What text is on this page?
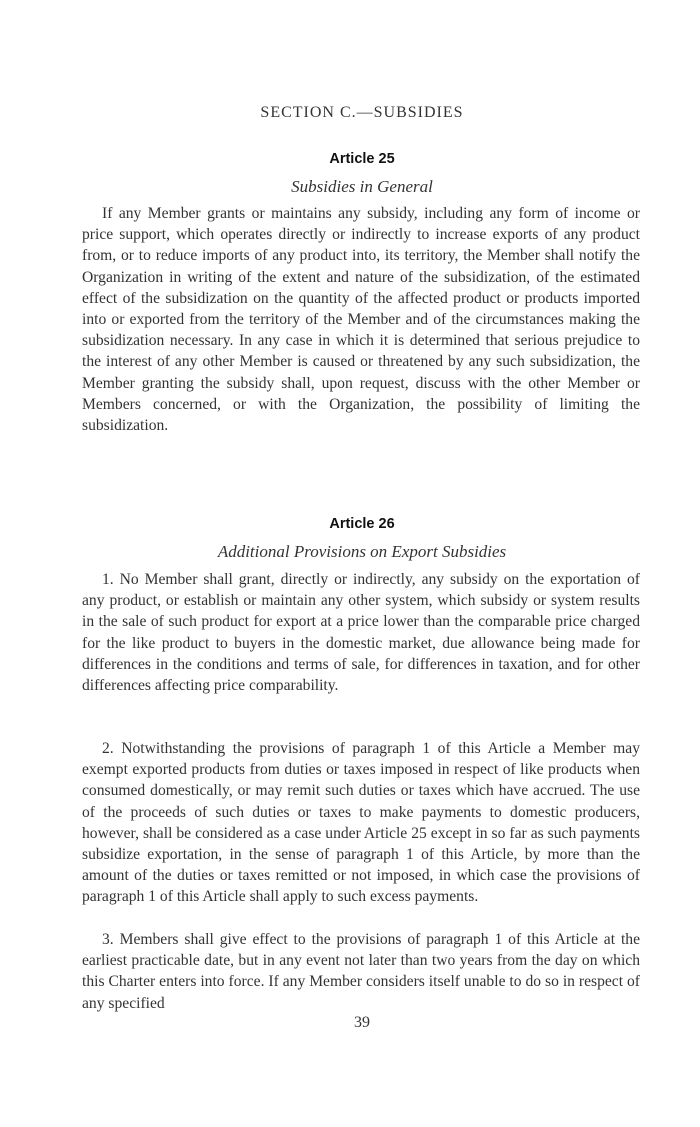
SECTION C.—SUBSIDIES
Article 25
Subsidies in General

If any Member grants or maintains any subsidy, including any form of income or price support, which operates directly or indirectly to increase exports of any product from, or to reduce imports of any product into, its territory, the Member shall notify the Organization in writing of the extent and nature of the subsidization, of the estimated effect of the subsidization on the quantity of the affected product or products imported into or exported from the territory of the Member and of the circumstances making the subsidization necessary. In any case in which it is determined that serious prejudice to the interest of any other Member is caused or threatened by any such subsidization, the Member granting the subsidy shall, upon request, discuss with the other Member or Members concerned, or with the Organization, the possibility of limiting the subsidization.

Article 26
Additional Provisions on Export Subsidies

1. No Member shall grant, directly or indirectly, any subsidy on the exportation of any product, or establish or maintain any other system, which subsidy or system results in the sale of such product for export at a price lower than the comparable price charged for the like product to buyers in the domestic market, due allowance being made for differences in the conditions and terms of sale, for differences in taxation, and for other differences affecting price comparability.

2. Notwithstanding the provisions of paragraph 1 of this Article a Member may exempt exported products from duties or taxes imposed in respect of like products when consumed domestically, or may remit such duties or taxes which have accrued. The use of the proceeds of such duties or taxes to make payments to domestic producers, however, shall be considered as a case under Article 25 except in so far as such payments subsidize exportation, in the sense of paragraph 1 of this Article, by more than the amount of the duties or taxes remitted or not imposed, in which case the provisions of paragraph 1 of this Article shall apply to such excess payments.

3. Members shall give effect to the provisions of paragraph 1 of this Article at the earliest practicable date, but in any event not later than two years from the day on which this Charter enters into force. If any Member considers itself unable to do so in respect of any specified

39
